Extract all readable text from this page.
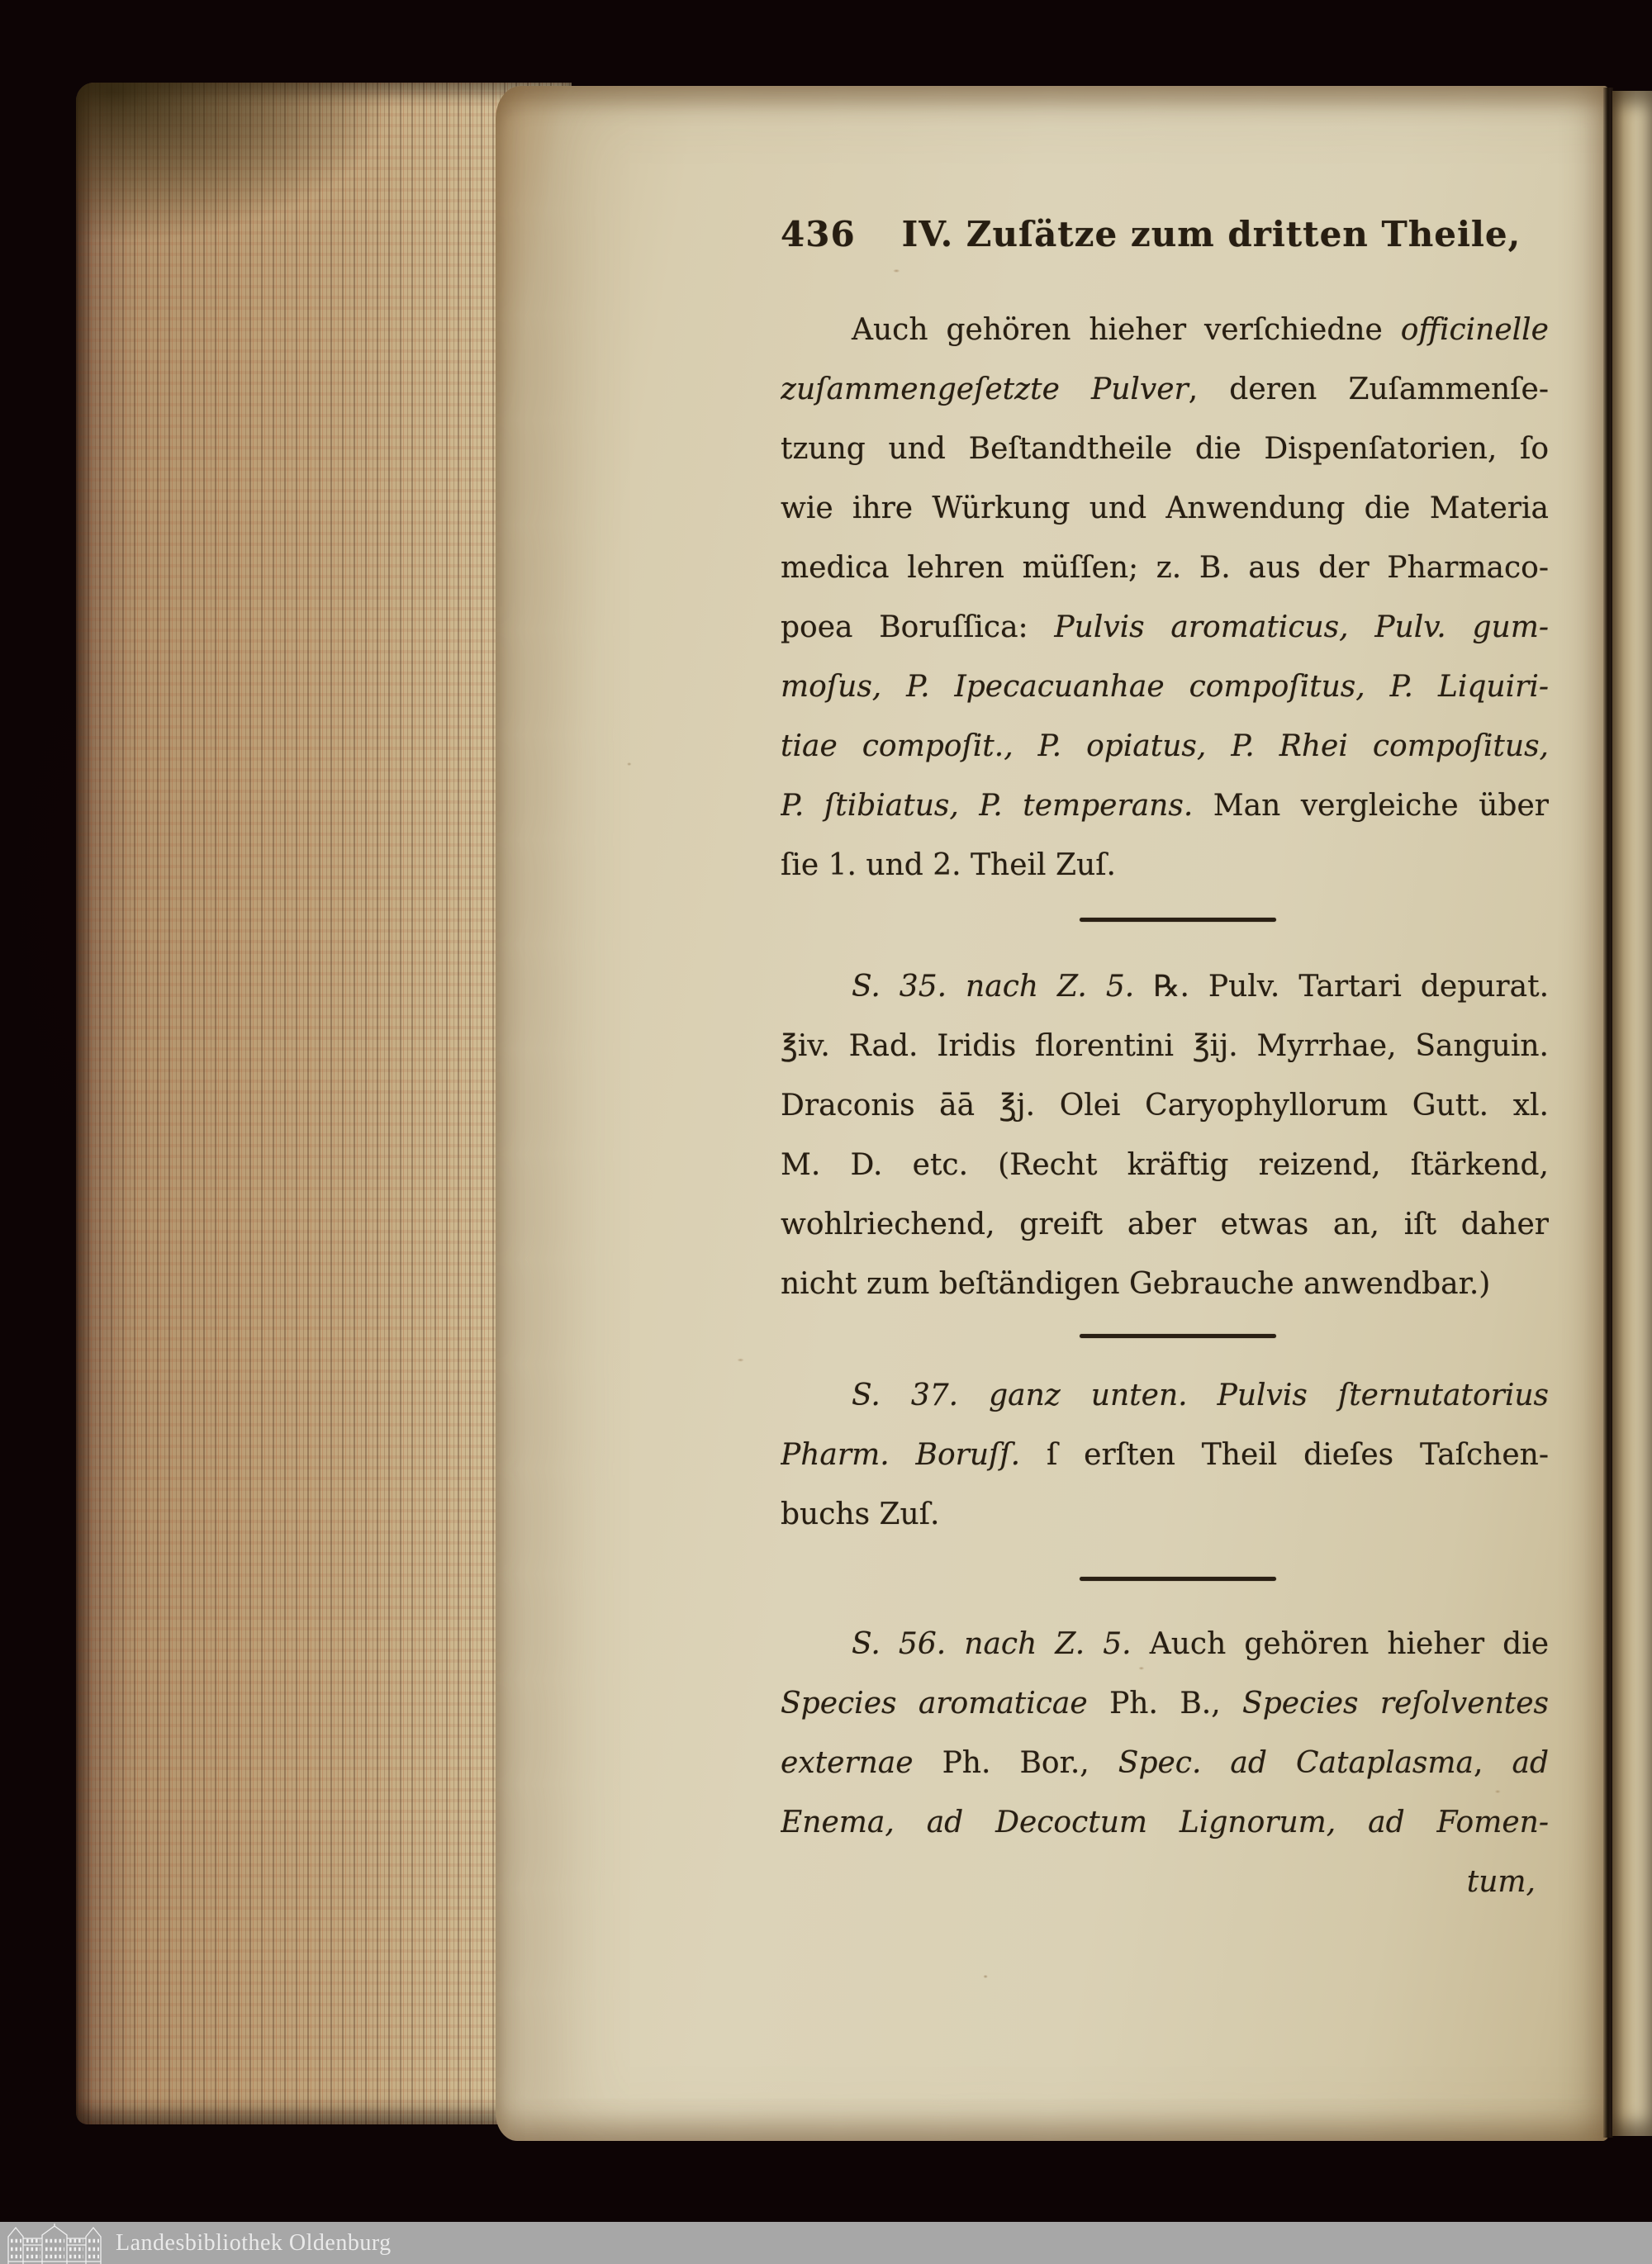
436 IV. Zuſätze zum dritten Theile,
Auch gehören hieher verſchiedne officinelle
zuſammengeſetzte Pulver, deren Zuſammenſe-
tzung und Beſtandtheile die Dispenſatorien, ſo
wie ihre Würkung und Anwendung die Materia
medica lehren müſſen; z. B. aus der Pharmaco-
poea Boruſſica: Pulvis aromaticus, Pulv. gum-
moſus, P. Ipecacuanhae compoſitus, P. Liquiri-
tiae compoſit., P. opiatus, P. Rhei compoſitus,
P. ſtibiatus, P. temperans. Man vergleiche über
ſie 1. und 2. Theil Zuſ.
S. 35. nach Z. 5. ℞. Pulv. Tartari depurat.
℥iv. Rad. Iridis florentini ℥ij. Myrrhae, Sanguin.
Draconis āā ℥j. Olei Caryophyllorum Gutt. xl.
M. D. etc. (Recht kräftig reizend, ſtärkend,
wohlriechend, greift aber etwas an, iſt daher
nicht zum beſtändigen Gebrauche anwendbar.)
S. 37. ganz unten.  Pulvis ſternutatorius
Pharm. Boruſſ. ſ erſten Theil dieſes Taſchen-
buchs Zuſ.
S. 56. nach Z. 5. Auch gehören hieher die
Species aromaticae Ph. B., Species reſolventes
externae Ph. Bor., Spec. ad Cataplasma, ad
Enema, ad Decoctum Lignorum, ad Fomen-
tum,
Landesbibliothek Oldenburg
